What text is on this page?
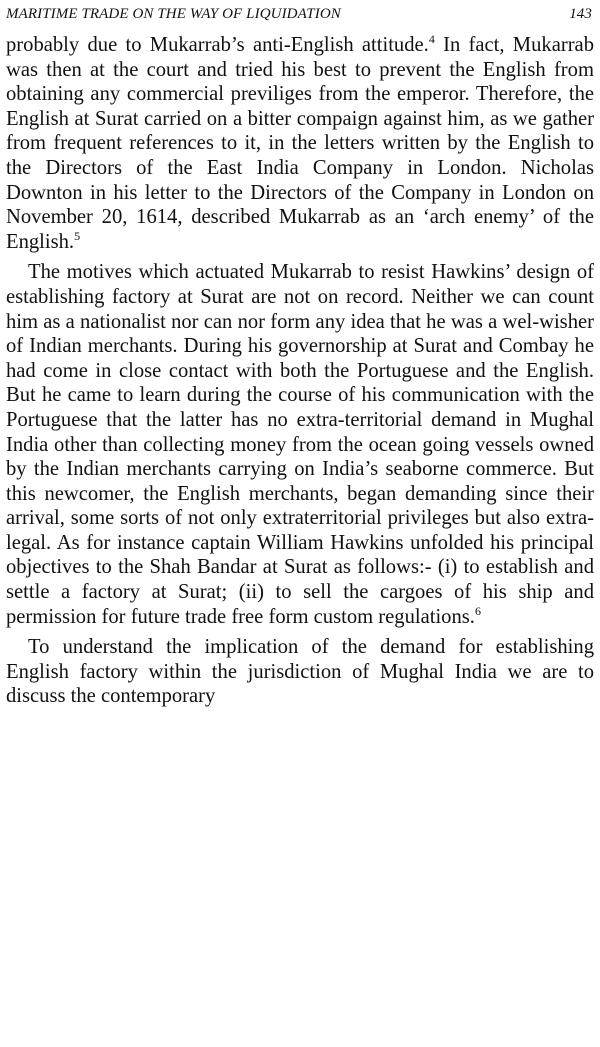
MARITIME TRADE ON THE WAY OF LIQUIDATION	143

probably due to Mukarrab’s anti-English attitude.$^4$ In fact, Mukarrab was then at the court and tried his best to prevent the English from obtaining any commercial previliges from the emperor. Therefore, the English at Surat carried on a bitter compaign against him, as we gather from frequent references to it, in the letters written by the English to the Directors of the East India Company in London. Nicholas Downton in his letter to the Directors of the Company in London on November 20, 1614, described Mukarrab as an ‘arch enemy’ of the English.$^5$

The motives which actuated Mukarrab to resist Hawkins’ design of establishing factory at Surat are not on record. Neither we can count him as a nationalist nor can nor form any idea that he was a wel-wisher of Indian merchants. During his governorship at Surat and Combay he had come in close contact with both the Portuguese and the English. But he came to learn during the course of his communication with the Portuguese that the latter has no extra-territorial demand in Mughal India other than collecting money from the ocean going vessels owned by the Indian merchants carrying on India’s seaborne commerce. But this newcomer, the English merchants, began demanding since their arrival, some sorts of not only extraterritorial privileges but also extra-legal. As for instance captain William Hawkins unfolded his principal objectives to the Shah Bandar at Surat as follows:- (i) to establish and settle a factory at Surat; (ii) to sell the cargoes of his ship and permission for future trade free form custom regulations.$^6$

To understand the implication of the demand for establishing English factory within the jurisdiction of Mughal India we are to discuss the contemporary
